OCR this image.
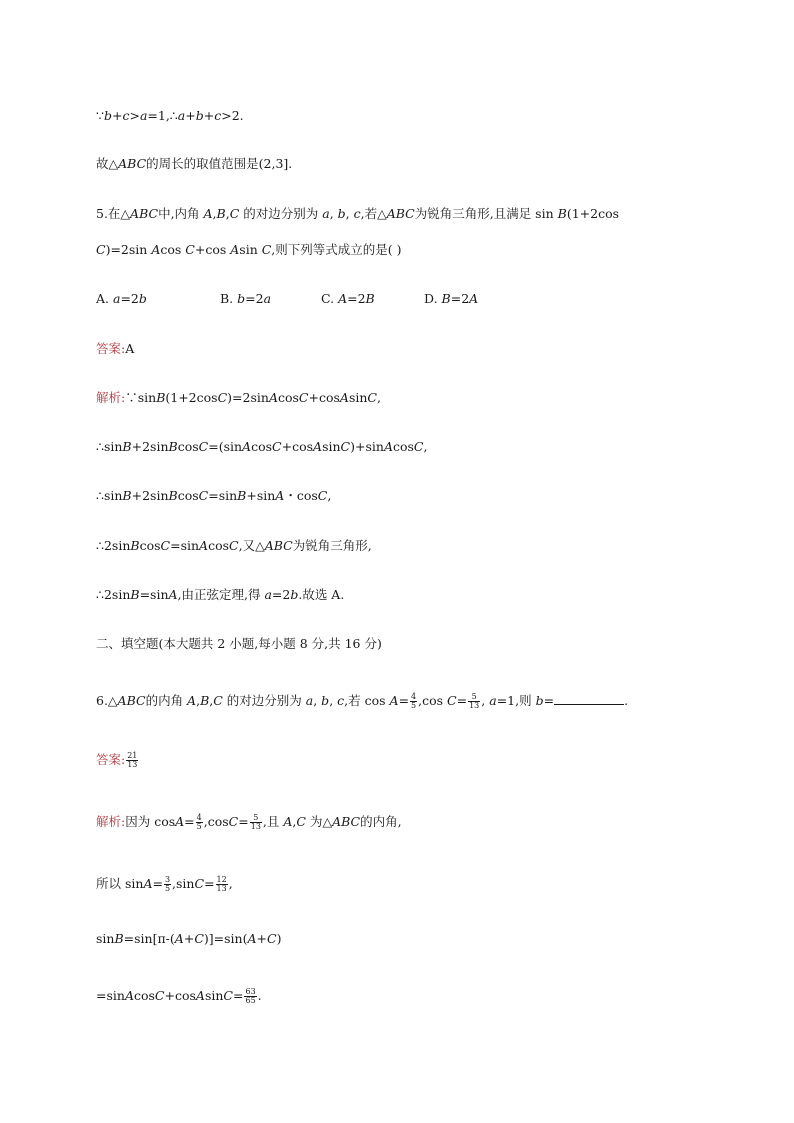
∵b+c>a=1,∴a+b+c>2.
故△ABC的周长的取值范围是(2,3].
5.在△ABC中,内角 A,B,C 的对边分别为 a, b, c,若△ABC为锐角三角形,且满足 sin B(1+2cos
C)=2sin Acos C+cos Asin C,则下列等式成立的是( )
A. a=2b	B. b=2a	C. A=2B	D. B=2A
答案:A
解析:∵sinB(1+2cosC)=2sinAcosC+cosAsinC,
∴sinB+2sinBcosC=(sinAcosC+cosAsinC)+sinAcosC,
∴sinB+2sinBcosC=sinB+sinA・cosC,
∴2sinBcosC=sinAcosC,又△ABC为锐角三角形,
∴2sinB=sinA,由正弦定理,得 a=2b.故选 A.
二、填空题(本大题共 2 小题,每小题 8 分,共 16 分)
6.△ABC的内角 A,B,C 的对边分别为 a, b, c,若 $\cos A= \frac{4}{5} ,\cos$ $C= \frac{5}{13}$ , a=1,则 b=	.
答案: $\frac{21}{13}$
解析:因为 $\cos A= \frac{4}{5} ,\cos C= \frac{5}{13}$ ,且 A,C 为△ABC的内角,
所以 $\sin A= \frac{3}{5} ,\sin C= \frac{12}{13}$ ,
sinB=sin[π-(A+C)]=sin(A+C)
=sinAcosC+cosAsinC= $\frac{63}{65}$ .
